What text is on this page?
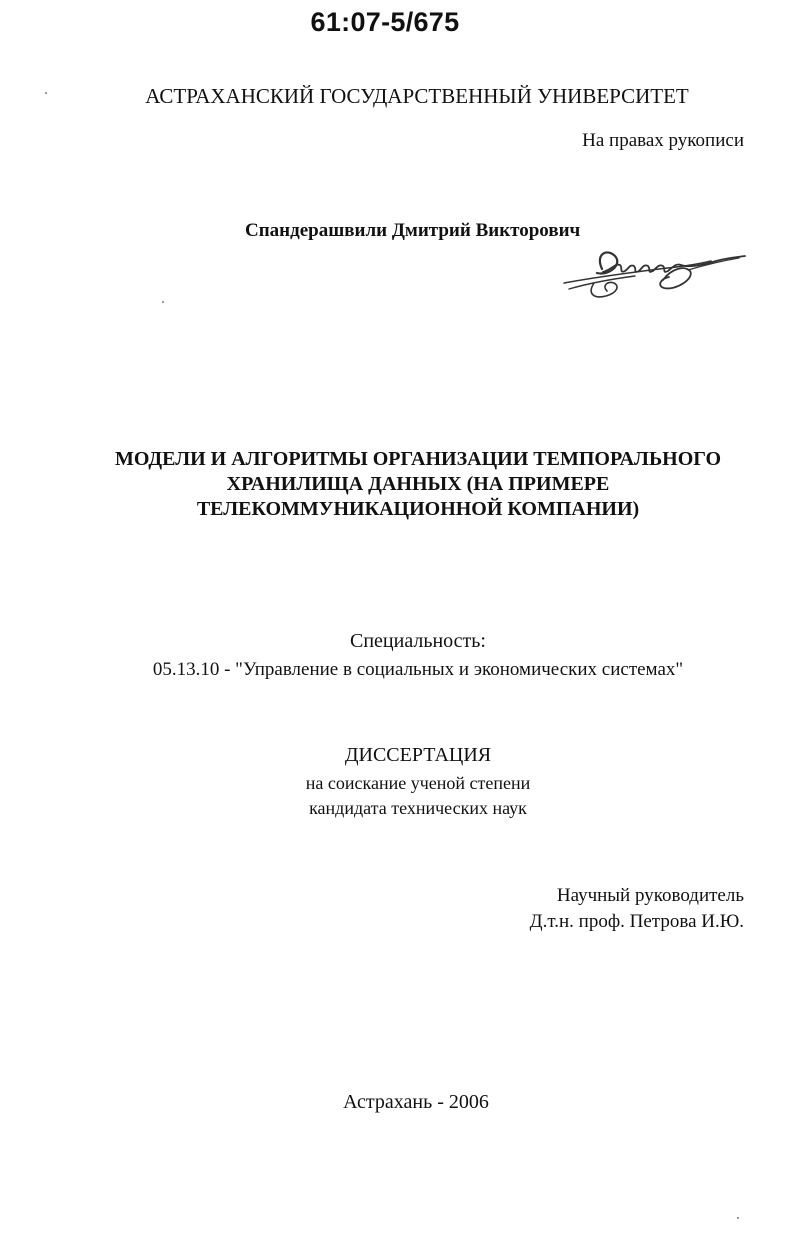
61:07-5/675
АСТРАХАНСКИЙ ГОСУДАРСТВЕННЫЙ УНИВЕРСИТЕТ
На правах рукописи
Спандерашвили Дмитрий Викторович
МОДЕЛИ И АЛГОРИТМЫ ОРГАНИЗАЦИИ ТЕМПОРАЛЬНОГО
ХРАНИЛИЩА ДАННЫХ (НА ПРИМЕРЕ
ТЕЛЕКОММУНИКАЦИОННОЙ КОМПАНИИ)
Специальность:
05.13.10 - "Управление в социальных и экономических системах"
ДИССЕРТАЦИЯ
на соискание ученой степени
кандидата технических наук
Научный руководитель
Д.т.н. проф. Петрова И.Ю.
Астрахань - 2006
